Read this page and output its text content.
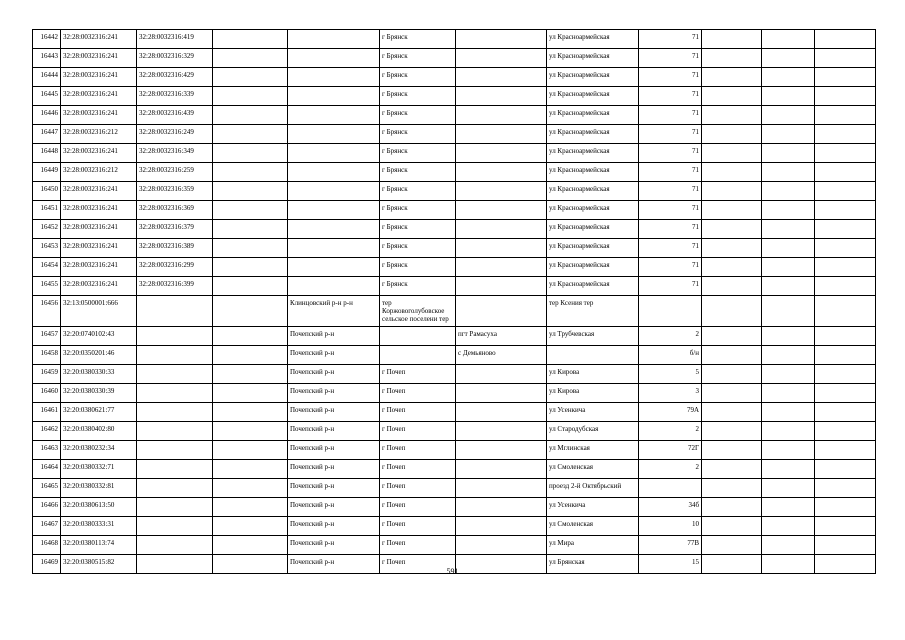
16442	32:28:0032316:241	32:28:0032316:419			г Брянск		ул Красноармейская	71			
16443	32:28:0032316:241	32:28:0032316:329			г Брянск		ул Красноармейская	71			
16444	32:28:0032316:241	32:28:0032316:429			г Брянск		ул Красноармейская	71			
16445	32:28:0032316:241	32:28:0032316:339			г Брянск		ул Красноармейская	71			
16446	32:28:0032316:241	32:28:0032316:439			г Брянск		ул Красноармейская	71			
16447	32:28:0032316:212	32:28:0032316:249			г Брянск		ул Красноармейская	71			
16448	32:28:0032316:241	32:28:0032316:349			г Брянск		ул Красноармейская	71			
16449	32:28:0032316:212	32:28:0032316:259			г Брянск		ул Красноармейская	71			
16450	32:28:0032316:241	32:28:0032316:359			г Брянск		ул Красноармейская	71			
16451	32:28:0032316:241	32:28:0032316:369			г Брянск		ул Красноармейская	71			
16452	32:28:0032316:241	32:28:0032316:379			г Брянск		ул Красноармейская	71			
16453	32:28:0032316:241	32:28:0032316:389			г Брянск		ул Красноармейская	71			
16454	32:28:0032316:241	32:28:0032316:299			г Брянск		ул Красноармейская	71			
16455	32:28:0032316:241	32:28:0032316:399			г Брянск		ул Красноармейская	71			
16456	32:13:0500001:666			Клинцовский р-н р-н	тер Коржовоголубовское сельское поселени тер		тер Ксения тер				
16457	32:20:0740102:43			Почепский р-н		пгт Рамасуха	ул Трубчевская	2			
16458	32:20:0350201:46			Почепский р-н		с Демьяново		б/н			
16459	32:20:0380330:33			Почепский р-н	г Почеп		ул Кирова	5			
16460	32:20:0380330:39			Почепский р-н	г Почеп		ул Кирова	3			
16461	32:20:0380621:77			Почепский р-н	г Почеп		ул Усенкича	79А			
16462	32:20:0380402:80			Почепский р-н	г Почеп		ул Стародубская	2			
16463	32:20:0380232:34			Почепский р-н	г Почеп		ул Мглинская	72Г			
16464	32:20:0380332:71			Почепский р-н	г Почеп		ул Смоленская	2			
16465	32:20:0380332:81			Почепский р-н	г Почеп		проезд 2-й Октябрьский				
16466	32:20:0380613:50			Почепский р-н	г Почеп		ул Усенкича	34б			
16467	32:20:0380333:31			Почепский р-н	г Почеп		ул Смоленская	10			
16468	32:20:0380113:74			Почепский р-н	г Почеп		ул Мира	77В			
16469	32:20:0380515:82			Почепский р-н	г Почеп		ул Брянская	15			
591
